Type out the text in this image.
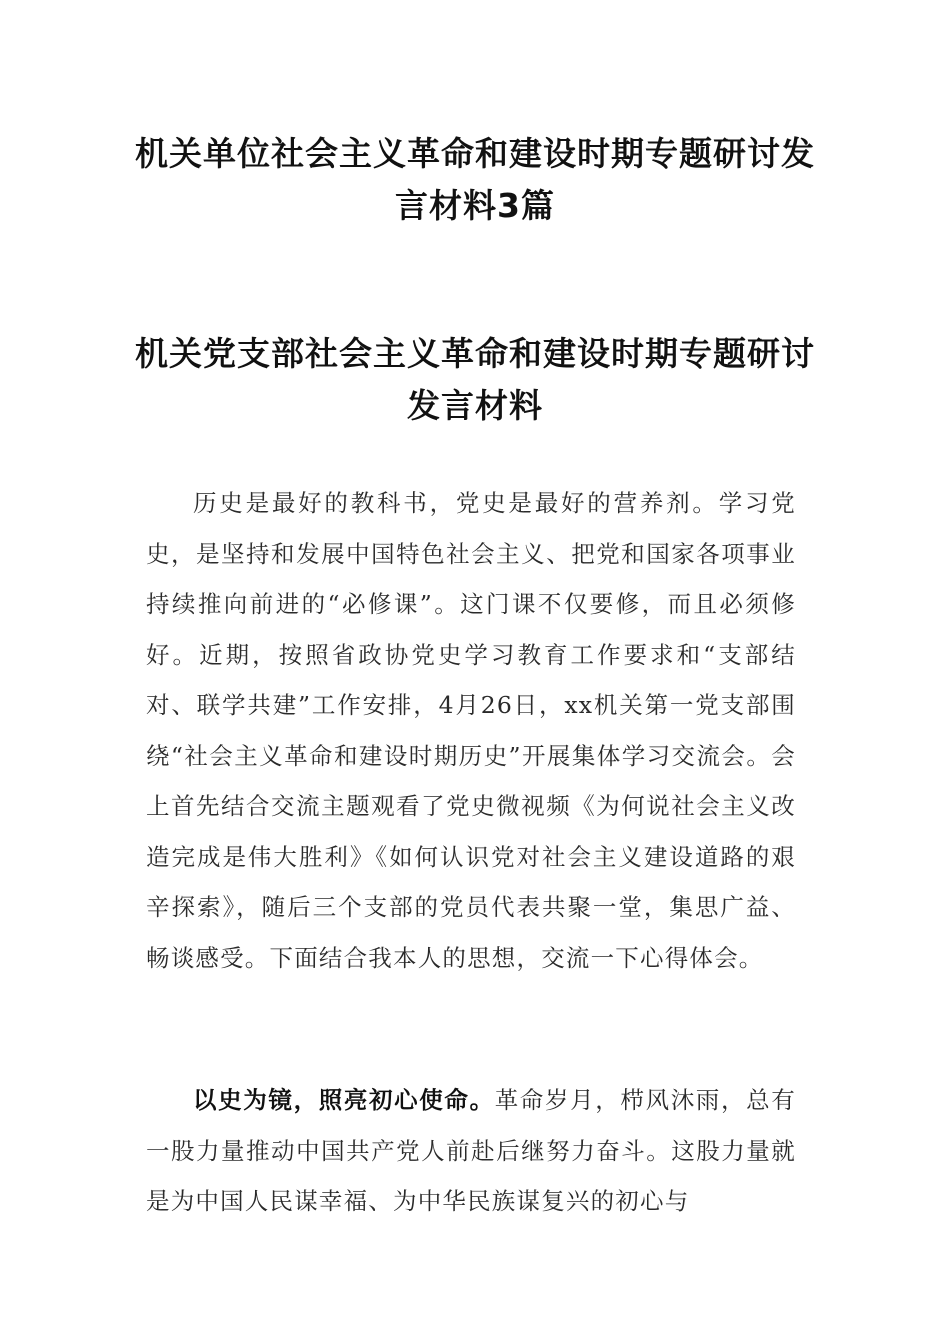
机关单位社会主义革命和建设时期专题研讨发言材料3篇
机关党支部社会主义革命和建设时期专题研讨发言材料

历史是最好的教科书，党史是最好的营养剂。学习党史，是坚持和发展中国特色社会主义、把党和国家各项事业持续推向前进的“必修课”。这门课不仅要修，而且必须修好。近期，按照省政协党史学习教育工作要求和“支部结对、联学共建”工作安排，4月26日，xx机关第一党支部围绕“社会主义革命和建设时期历史”开展集体学习交流会。会上首先结合交流主题观看了党史微视频《为何说社会主义改造完成是伟大胜利》《如何认识党对社会主义建设道路的艰辛探索》，随后三个支部的党员代表共聚一堂，集思广益、畅谈感受。下面结合我本人的思想，交流一下心得体会。

以史为镜，照亮初心使命。革命岁月，栉风沐雨，总有一股力量推动中国共产党人前赴后继努力奋斗。这股力量就是为中国人民谋幸福、为中华民族谋复兴的初心与
